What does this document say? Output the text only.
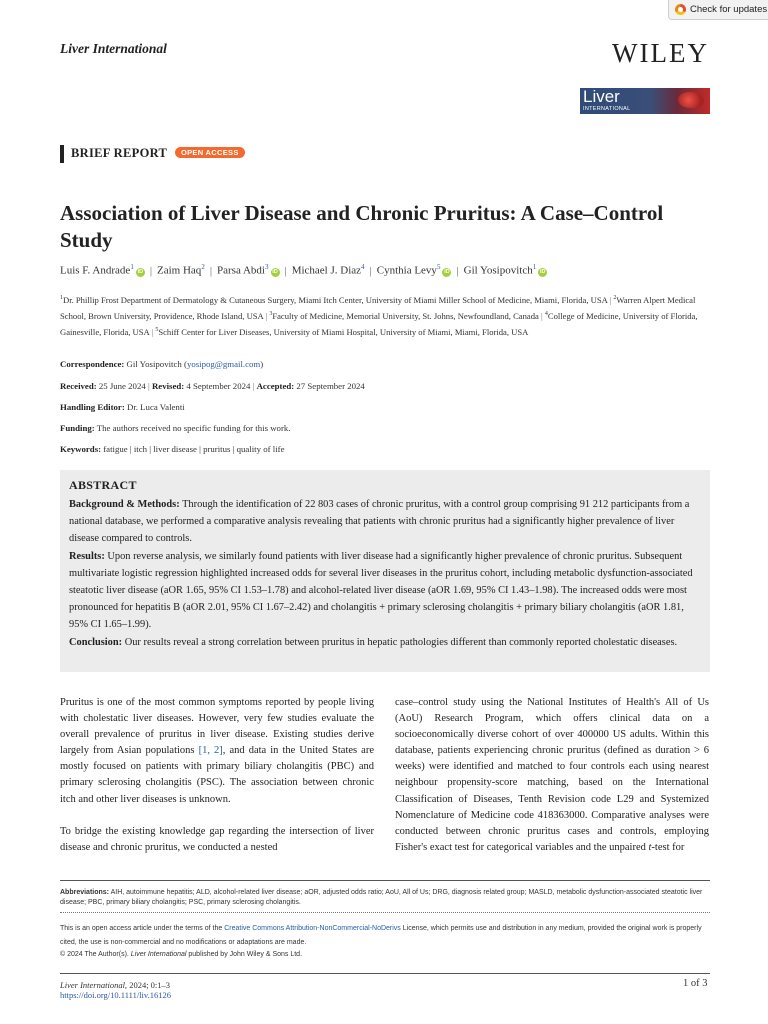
Check for updates
Liver International	WILEY
Liver
INTERNATIONAL
BRIEF REPORT	OPEN ACCESS
Association of Liver Disease and Chronic Pruritus: A Case–Control Study
Luis F. Andrade$^1$iD | Zaim Haq$^2$ | Parsa Abdi$^3$iD | Michael J. Diaz$^4$ | Cynthia Levy$^5$iD | Gil Yosipovitch$^1$iD
$^1$Dr. Phillip Frost Department of Dermatology & Cutaneous Surgery, Miami Itch Center, University of Miami Miller School of Medicine, Miami, Florida, USA | $^2$Warren Alpert Medical School, Brown University, Providence, Rhode Island, USA | $^3$Faculty of Medicine, Memorial University, St. Johns, Newfoundland, Canada | $^4$College of Medicine, University of Florida, Gainesville, Florida, USA | $^5$Schiff Center for Liver Diseases, University of Miami Hospital, University of Miami, Miami, Florida, USA
Correspondence: Gil Yosipovitch (yosipog@gmail.com)
Received: 25 June 2024 | Revised: 4 September 2024 | Accepted: 27 September 2024
Handling Editor: Dr. Luca Valenti
Funding: The authors received no specific funding for this work.
Keywords: fatigue | itch | liver disease | pruritus | quality of life
ABSTRACT

Background & Methods: Through the identification of 22 803 cases of chronic pruritus, with a control group comprising 91 212 participants from a national database, we performed a comparative analysis revealing that patients with chronic pruritus had a significantly higher prevalence of liver disease compared to controls.

Results: Upon reverse analysis, we similarly found patients with liver disease had a significantly higher prevalence of chronic pruritus. Subsequent multivariate logistic regression highlighted increased odds for several liver diseases in the pruritus cohort, including metabolic dysfunction-associated steatotic liver disease (aOR 1.65, 95% CI 1.53–1.78) and alcohol-related liver disease (aOR 1.69, 95% CI 1.43–1.98). The increased odds were most pronounced for hepatitis B (aOR 2.01, 95% CI 1.67–2.42) and cholangitis + primary sclerosing cholangitis + primary biliary cholangitis (aOR 1.81, 95% CI 1.65–1.99).

Conclusion: Our results reveal a strong correlation between pruritus in hepatic pathologies different than commonly reported cholestatic diseases.

Pruritus is one of the most common symptoms reported by people living with cholestatic liver diseases. However, very few studies evaluate the overall prevalence of pruritus in liver disease. Existing studies derive largely from Asian populations [1, 2], and data in the United States are mostly focused on patients with primary biliary cholangitis (PBC) and primary sclerosing cholangitis (PSC). The association between chronic itch and other liver diseases is unknown.

To bridge the existing knowledge gap regarding the intersection of liver disease and chronic pruritus, we conducted a nested

case–control study using the National Institutes of Health's All of Us (AoU) Research Program, which offers clinical data on a socioeconomically diverse cohort of over 400000 US adults. Within this database, patients experiencing chronic pruritus (defined as duration > 6 weeks) were identified and matched to four controls each using nearest neighbour propensity-score matching, based on the International Classification of Diseases, Tenth Revision code L29 and Systemized Nomenclature of Medicine code 418363000. Comparative analyses were conducted between chronic pruritus cases and controls, employing Fisher's exact test for categorical variables and the unpaired t-test for

Abbreviations: AIH, autoimmune hepatitis; ALD, alcohol-related liver disease; aOR, adjusted odds ratio; AoU, All of Us; DRG, diagnosis related group; MASLD, metabolic dysfunction-associated steatotic liver disease; PBC, primary biliary cholangitis; PSC, primary sclerosing cholangitis.
This is an open access article under the terms of the Creative Commons Attribution-NonCommercial-NoDerivs License, which permits use and distribution in any medium, provided the original work is properly cited, the use is non-commercial and no modifications or adaptations are made.
© 2024 The Author(s). Liver International published by John Wiley & Sons Ltd.
Liver International, 2024; 0:1–3
https://doi.org/10.1111/liv.16126
1 of 3
